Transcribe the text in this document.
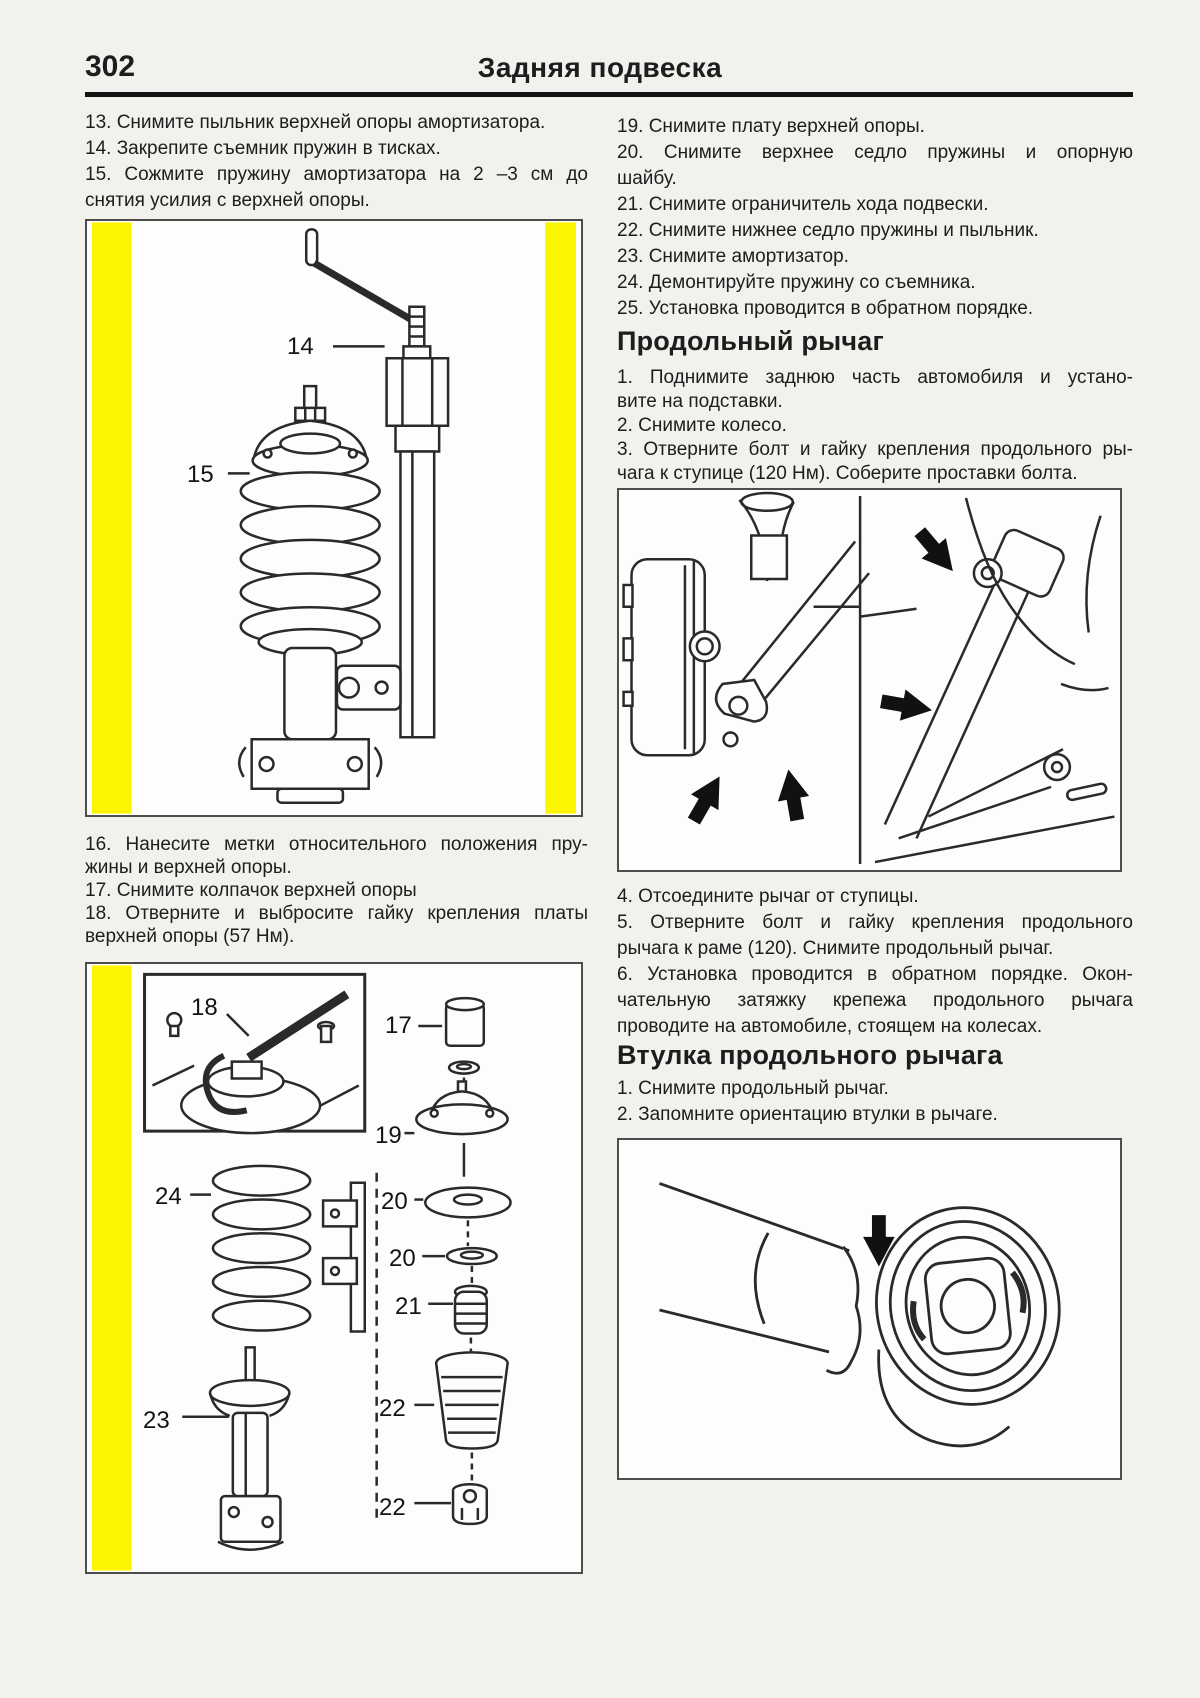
302	Задняя подвеска

13. Снимите пыльник верхней опоры амортизатора.

14. Закрепите съемник пружин в тисках.

15. Сожмите пружину амортизатора на 2 –3 см до
снятия усилия с верхней опоры.

14
15

16. Нанесите метки относительного положения пру-
жины и верхней опоры.

17. Снимите колпачок верхней опоры

18. Отверните и выбросите гайку крепления платы
верхней опоры (57 Нм).

18
17
19
24	20
20
21
22
23
22

19. Снимите плату верхней опоры.

20. Снимите верхнее седло пружины и опорную
шайбу.

21. Снимите ограничитель хода подвески.

22. Снимите нижнее седло пружины и пыльник.

23. Снимите амортизатор.

24. Демонтируйте пружину со съемника.

25. Установка проводится в обратном порядке.

Продольный рычаг

1. Поднимите заднюю часть автомобиля и устано-
вите на подставки.

2. Снимите колесо.

3. Отверните болт и гайку крепления продольного ры-
чага к ступице (120 Нм). Соберите проставки болта.

4. Отсоедините рычаг от ступицы.

5. Отверните болт и гайку крепления продольного
рычага к раме (120). Снимите продольный рычаг.

6. Установка проводится в обратном порядке. Окон-
чательную затяжку крепежа продольного рычага
проводите на автомобиле, стоящем на колесах.

Втулка продольного рычага

1. Снимите продольный рычаг.

2. Запомните ориентацию втулки в рычаге.
